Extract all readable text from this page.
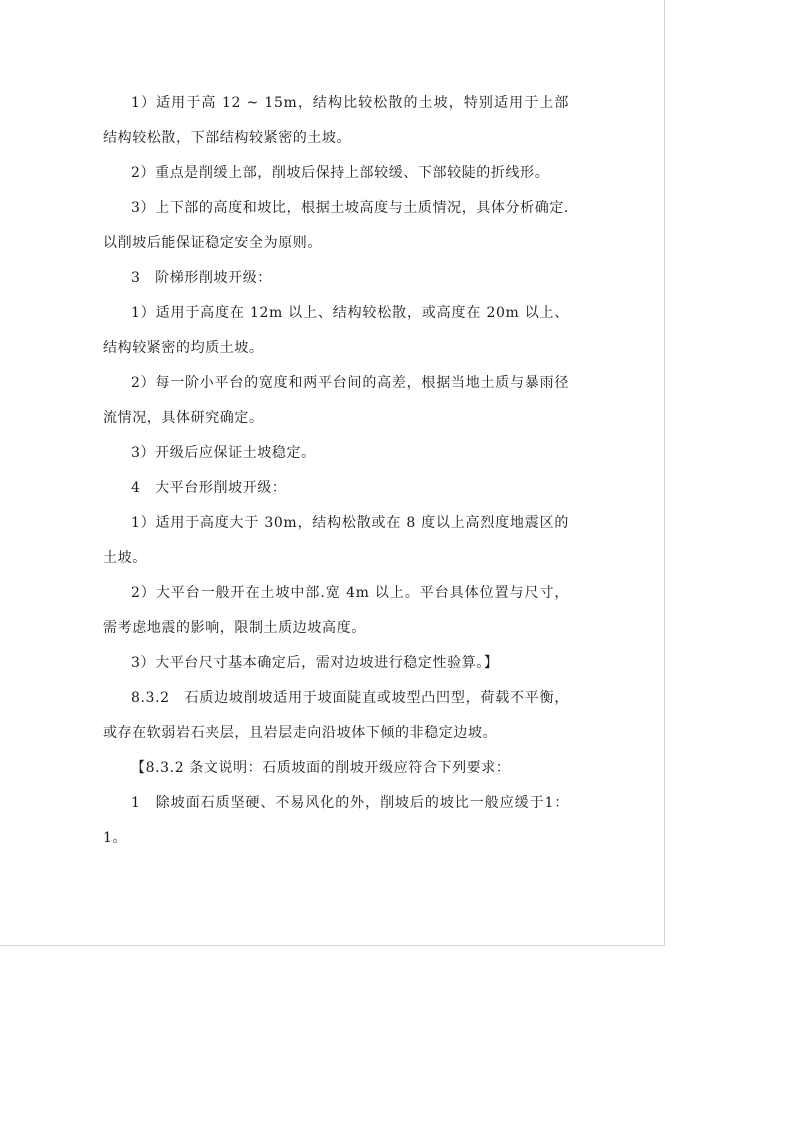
1）适用于高 12 ~ 15m，结构比较松散的土坡，特别适用于上部结构较松散，下部结构较紧密的土坡。

2）重点是削缓上部，削坡后保持上部较缓、下部较陡的折线形。

3）上下部的高度和坡比，根据土坡高度与土质情况，具体分析确定.以削坡后能保证稳定安全为原则。

3　阶梯形削坡开级：

1）适用于高度在 12m 以上、结构较松散，或高度在 20m 以上、结构较紧密的均质土坡。

2）每一阶小平台的宽度和两平台间的高差，根据当地土质与暴雨径流情况，具体研究确定。

3）开级后应保证土坡稳定。

4　大平台形削坡开级：

1）适用于高度大于 30m，结构松散或在 8 度以上高烈度地震区的土坡。

2）大平台一般开在土坡中部.宽 4m 以上。平台具体位置与尺寸，需考虑地震的影响，限制土质边坡高度。

3）大平台尺寸基本确定后，需对边坡进行稳定性验算。】

8.3.2　石质边坡削坡适用于坡面陡直或坡型凸凹型，荷载不平衡，或存在软弱岩石夹层，且岩层走向沿坡体下倾的非稳定边坡。

【8.3.2 条文说明：石质坡面的削坡开级应符合下列要求：

1　除坡面石质坚硬、不易风化的外，削坡后的坡比一般应缓于1： 1。
